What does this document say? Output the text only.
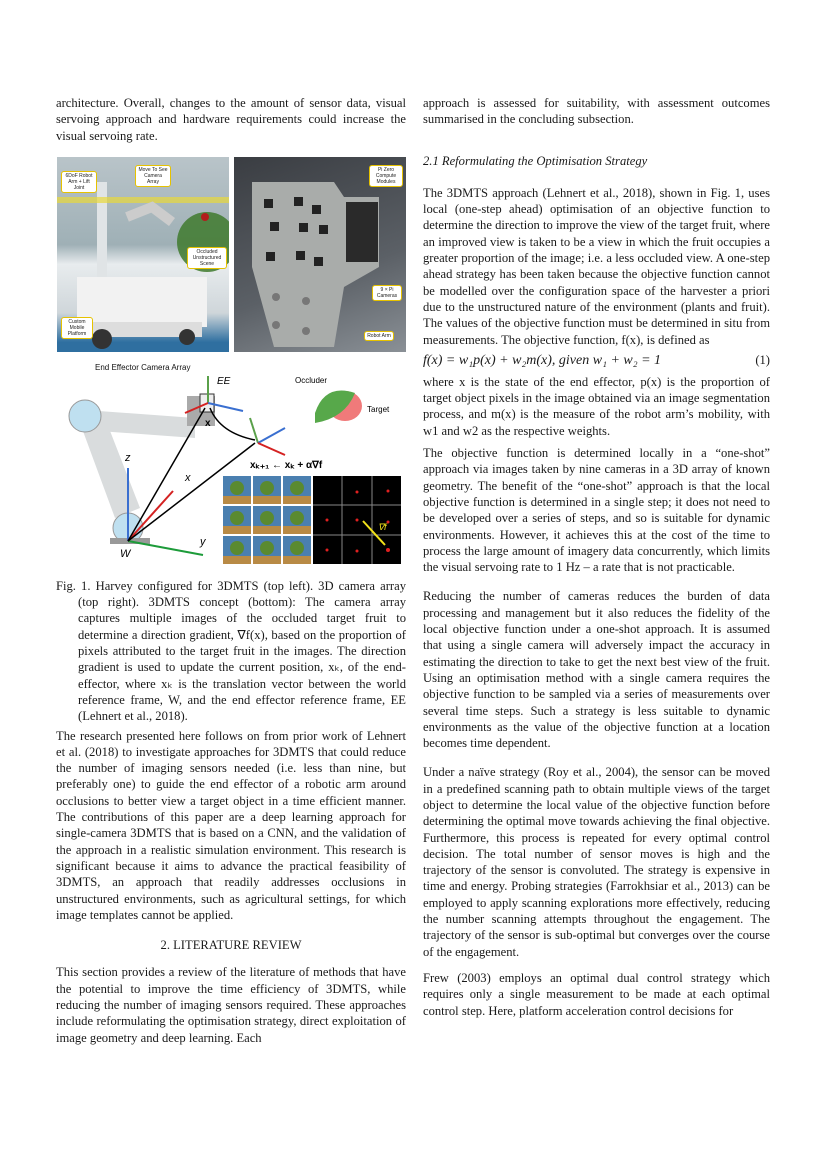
architecture. Overall, changes to the amount of sensor data, visual servoing approach and hardware requirements could increase the visual servoing rate.

6DoF Robot Arm + Lift Joint
Move To See Camera Array
Occluded Unstructured Scene
Custom Mobile Platform
Pi Zero Compute Modules
9 × Pi Cameras
Robot Arm
End Effector Camera Array
EE
x
Occluder
Target
z
x
y
W
xₖ₊₁ ← xₖ + α∇f
∇f

Fig. 1. Harvey configured for 3DMTS (top left). 3D camera array (top right). 3DMTS concept (bottom): The camera array captures multiple images of the occluded target fruit to determine a direction gradient, ∇f(x), based on the proportion of pixels attributed to the target fruit in the images. The direction gradient is used to update the current position, xₖ, of the end-effector, where xₖ is the translation vector between the world reference frame, W, and the end effector reference frame, EE (Lehnert et al., 2018).

The research presented here follows on from prior work of Lehnert et al. (2018) to investigate approaches for 3DMTS that could reduce the number of imaging sensors needed (i.e. less than nine, but preferably one) to guide the end effector of a robotic arm around occlusions to better view a target object in a time efficient manner. The contributions of this paper are a deep learning approach for single-camera 3DMTS that is based on a CNN, and the validation of the approach in a realistic simulation environment. This research is significant because it aims to advance the practical feasibility of 3DMTS, an approach that readily addresses occlusions in unstructured environments, such as agricultural settings, for which image templates cannot be applied.

2. LITERATURE REVIEW

This section provides a review of the literature of methods that have the potential to improve the time efficiency of 3DMTS, while reducing the number of imaging sensors required. These approaches include reformulating the optimisation strategy, direct exploitation of image geometry and deep learning. Each

approach is assessed for suitability, with assessment outcomes summarised in the concluding subsection.

2.1 Reformulating the Optimisation Strategy

The 3DMTS approach (Lehnert et al., 2018), shown in Fig. 1, uses local (one-step ahead) optimisation of an objective function to determine the direction to improve the view of the target fruit, where an improved view is taken to be a view in which the fruit occupies a greater proportion of the image; i.e. a less occluded view. A one-step ahead strategy has been taken because the objective function cannot be modelled over the configuration space of the harvester a priori due to the unstructured nature of the environment (plants and fruit). The values of the objective function must be determined in situ from measurements. The objective function, f(x), is defined as

f(x) = w₁p(x) + w₂m(x), given w₁ + w₂ = 1	(1)

where x is the state of the end effector, p(x) is the proportion of target object pixels in the image obtained via an image segmentation process, and m(x) is the measure of the robot arm’s mobility, with w1 and w2 as the respective weights.

The objective function is determined locally in a “one-shot” approach via images taken by nine cameras in a 3D array of known geometry. The benefit of the “one-shot” approach is that the local objective function is determined in a single step; it does not need to be developed over a series of steps, and so is suitable for dynamic environments. However, it achieves this at the cost of the time to process the large amount of imagery data concurrently, which limits the visual servoing rate to 1 Hz – a rate that is not practicable.

Reducing the number of cameras reduces the burden of data processing and management but it also reduces the fidelity of the local objective function under a one-shot approach. It is assumed that using a single camera will adversely impact the accuracy in estimating the direction to take to get the next best view of the fruit. Using an optimisation method with a single camera requires the objective function to be sampled via a series of measurements over several time steps. Such a strategy is less suitable to dynamic environments as the value of the objective function at a location becomes time dependent.

Under a naïve strategy (Roy et al., 2004), the sensor can be moved in a predefined scanning path to obtain multiple views of the target object to determine the local value of the objective function before determining the optimal move towards achieving the final objective. Furthermore, this process is repeated for every optimal control decision. The total number of sensor moves is high and the trajectory of the sensor is convoluted. The strategy is expensive in time and energy. Probing strategies (Farrokhsiar et al., 2013) can be employed to apply scanning explorations more effectively, reducing the number scanning attempts throughout the engagement. The trajectory of the sensor is sub-optimal but converges over the course of the engagement.

Frew (2003) employs an optimal dual control strategy which requires only a single measurement to be made at each optimal control step. Here, platform acceleration control decisions for
